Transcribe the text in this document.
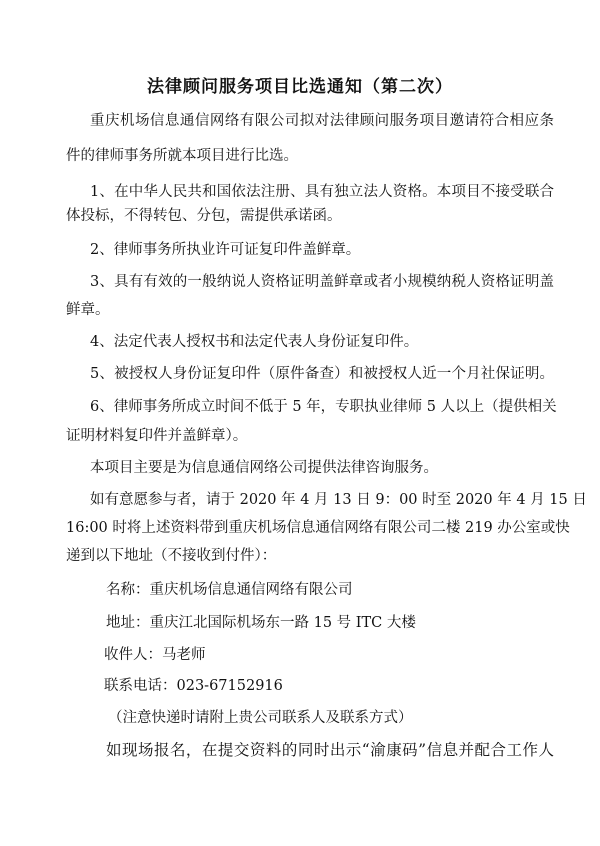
法律顾问服务项目比选通知（第二次）
重庆机场信息通信网络有限公司拟对法律顾问服务项目邀请符合相应条
件的律师事务所就本项目进行比选。
1、在中华人民共和国依法注册、具有独立法人资格。本项目不接受联合
体投标，不得转包、分包，需提供承诺函。
2、律师事务所执业许可证复印件盖鲜章。
3、具有有效的一般纳说人资格证明盖鲜章或者小规模纳税人资格证明盖
鲜章。
4、法定代表人授权书和法定代表人身份证复印件。
5、被授权人身份证复印件（原件备查）和被授权人近一个月社保证明。
6、律师事务所成立时间不低于 5 年，专职执业律师 5 人以上（提供相关
证明材料复印件并盖鲜章）。
本项目主要是为信息通信网络公司提供法律咨询服务。
如有意愿参与者，请于 2020 年 4 月 13 日 9：00 时至 2020 年 4 月 15 日
16:00 时将上述资料带到重庆机场信息通信网络有限公司二楼 219 办公室或快
递到以下地址（不接收到付件）：
名称：重庆机场信息通信网络有限公司
地址：重庆江北国际机场东一路 15 号 ITC 大楼
收件人：马老师
联系电话：023-67152916
（注意快递时请附上贵公司联系人及联系方式）
如现场报名，在提交资料的同时出示“渝康码”信息并配合工作人
